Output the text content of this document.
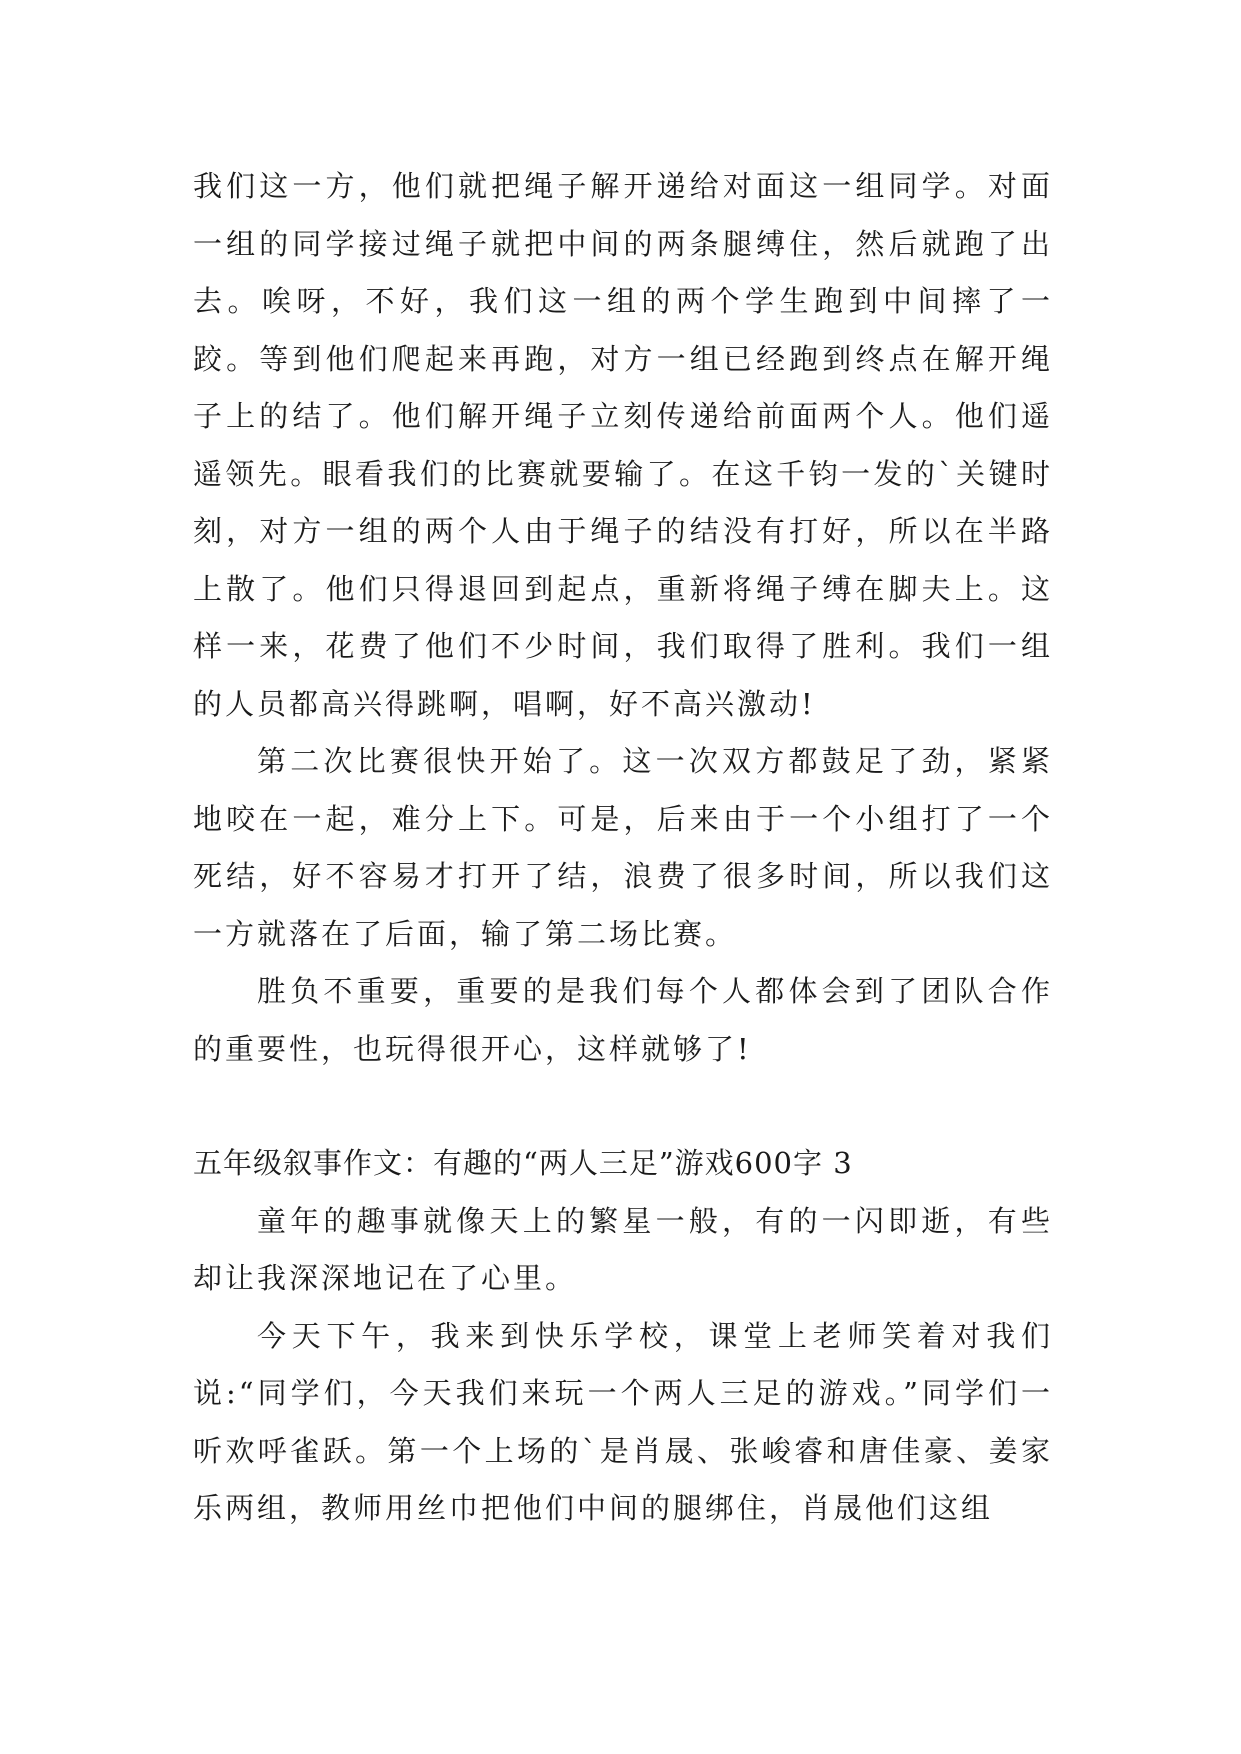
我们这一方，他们就把绳子解开递给对面这一组同学。对面一组的同学接过绳子就把中间的两条腿缚住，然后就跑了出去。唉呀，不好，我们这一组的两个学生跑到中间摔了一跤。等到他们爬起来再跑，对方一组已经跑到终点在解开绳子上的结了。他们解开绳子立刻传递给前面两个人。他们遥遥领先。眼看我们的比赛就要输了。在这千钧一发的`关键时刻，对方一组的两个人由于绳子的结没有打好，所以在半路上散了。他们只得退回到起点，重新将绳子缚在脚夫上。这样一来，花费了他们不少时间，我们取得了胜利。我们一组的人员都高兴得跳啊，唱啊，好不高兴激动!

第二次比赛很快开始了。这一次双方都鼓足了劲，紧紧地咬在一起，难分上下。可是，后来由于一个小组打了一个死结，好不容易才打开了结，浪费了很多时间，所以我们这一方就落在了后面，输了第二场比赛。

胜负不重要，重要的是我们每个人都体会到了团队合作的重要性，也玩得很开心，这样就够了!

五年级叙事作文：有趣的“两人三足”游戏600字 3

童年的趣事就像天上的繁星一般，有的一闪即逝，有些却让我深深地记在了心里。

今天下午，我来到快乐学校，课堂上老师笑着对我们说:“同学们，今天我们来玩一个两人三足的游戏。”同学们一听欢呼雀跃。第一个上场的`是肖晟、张峻睿和唐佳豪、姜家乐两组，教师用丝巾把他们中间的腿绑住，肖晟他们这组
